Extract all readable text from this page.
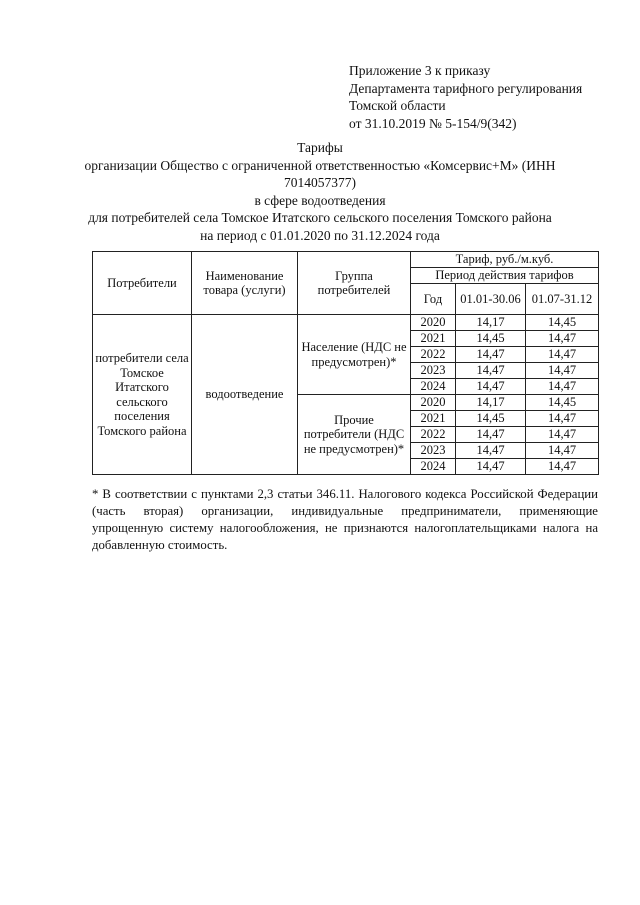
Приложение 3 к приказу
Департамента тарифного регулирования
Томской области
от 31.10.2019 № 5-154/9(342)
Тарифы
организации Общество с ограниченной ответственностью «Комсервис+М» (ИНН 7014057377)
в сфере водоотведения
для потребителей села Томское Итатского сельского поселения Томского района
на период с 01.01.2020 по 31.12.2024 года
Потребители	Наименование товара (услуги)	Группа потребителей	Тариф, руб./м.куб.		
			Период действия тарифов		
			Год	01.01-30.06	01.07-31.12
потребители села Томское Итатского сельского поселения Томского района	водоотведение	Население (НДС не предусмотрен)*	2020	14,17	14,45
			2021	14,45	14,47
			2022	14,47	14,47
			2023	14,47	14,47
			2024	14,47	14,47
		Прочие потребители (НДС не предусмотрен)*	2020	14,17	14,45
			2021	14,45	14,47
			2022	14,47	14,47
			2023	14,47	14,47
			2024	14,47	14,47
* В соответствии с пунктами 2,3 статьи 346.11. Налогового кодекса Российской Федерации (часть вторая) организации, индивидуальные предприниматели, применяющие упрощенную систему налогообложения, не признаются налогоплательщиками налога на добавленную стоимость.
